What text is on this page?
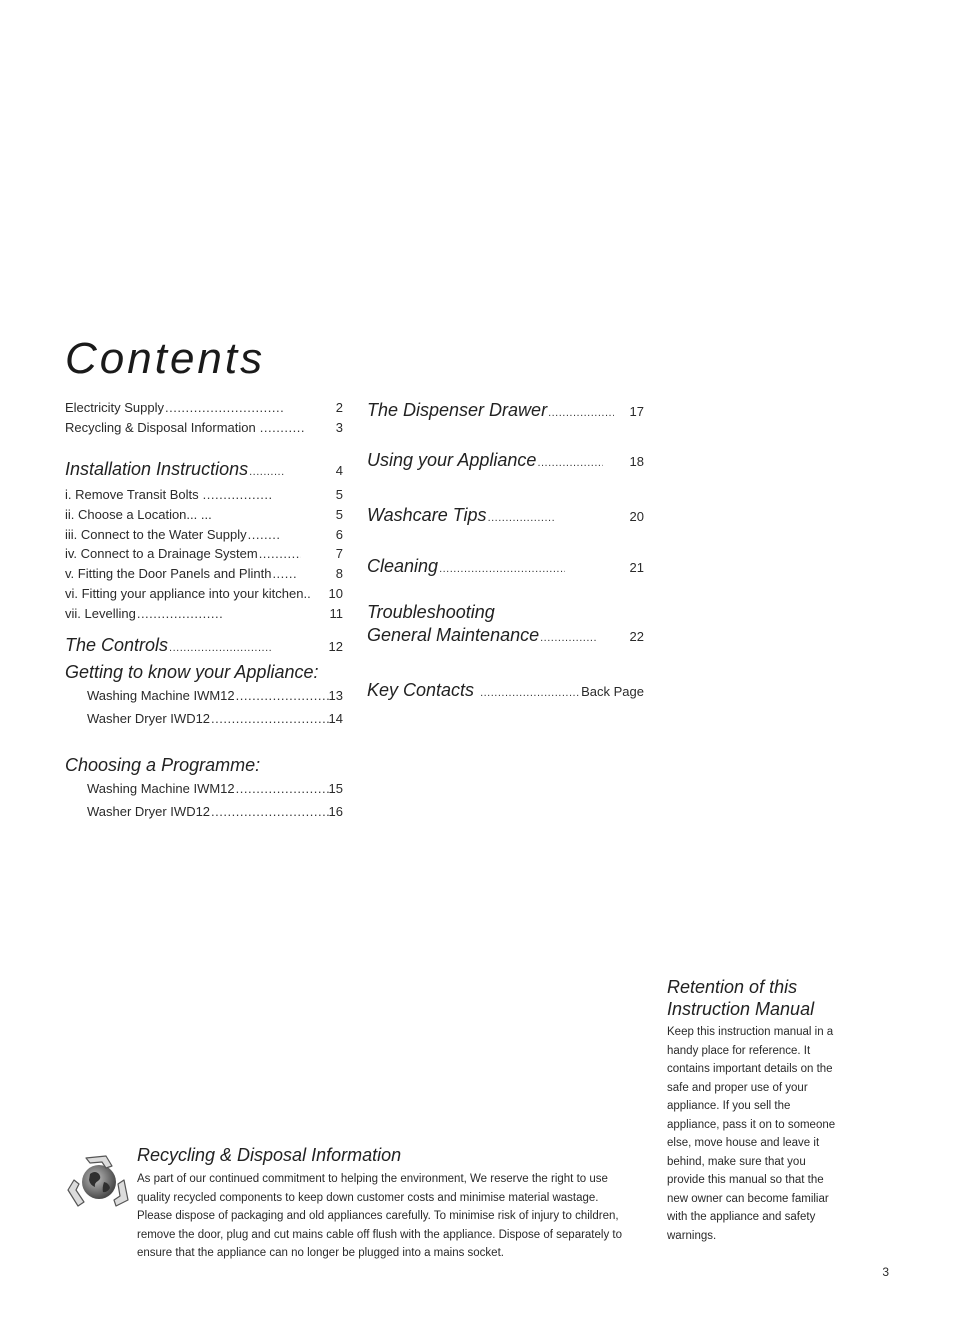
Contents
Electricity Supply .....	2
Recycling & Disposal Information .....	3
Installation Instructions .....	4
i. Remove Transit Bolts .....	5
ii. Choose a Location... ...	5
iii. Connect to the Water Supply .....	6
iv. Connect to a Drainage System .....	7
v. Fitting the Door Panels and Plinth .....	8
vi. Fitting your appliance into your kitchen.. 10
vii. Levelling .....	11
The Controls .....	12
Getting to know your Appliance:
Washing Machine IWM12 .....	13
Washer Dryer IWD12 .....	14
Choosing a Programme:
Washing Machine IWM12 .....	15
Washer Dryer IWD12 .....	16
The Dispenser Drawer .....	17
Using your Appliance .....	18
Washcare Tips .....	20
Cleaning .....	21
Troubleshooting
General Maintenance .....	22
Key Contacts .....	Back Page
Retention of this
Instruction Manual

Keep this instruction manual in a handy place for reference. It contains important details on the safe and proper use of your appliance. If you sell the appliance, pass it on to someone else, move house and leave it behind, make sure that you provide this manual so that the new owner can become familiar with the appliance and safety warnings.

Recycling & Disposal Information

As part of our continued commitment to helping the environment, We reserve the right to use quality recycled components to keep down customer costs and minimise material wastage. Please dispose of packaging and old appliances carefully. To minimise risk of injury to children, remove the door, plug and cut mains cable off flush with the appliance. Dispose of separately to ensure that the appliance can no longer be plugged into a mains socket.

3
